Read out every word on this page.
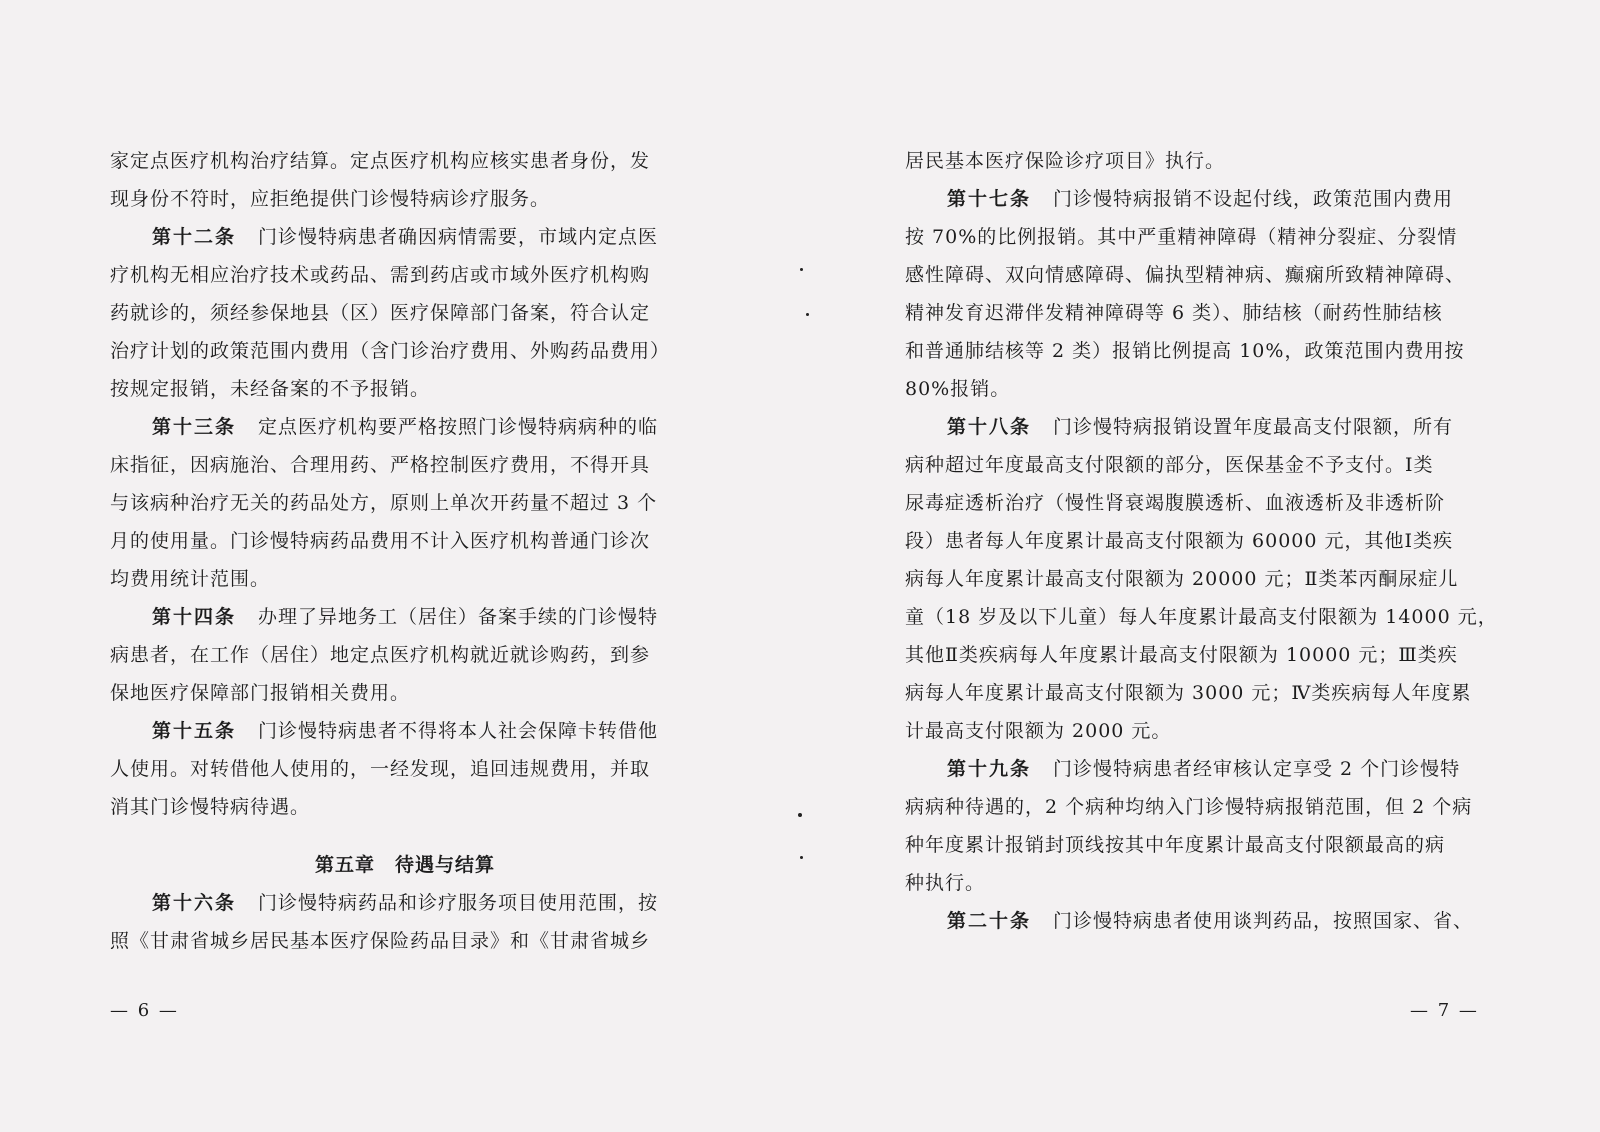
家定点医疗机构治疗结算。定点医疗机构应核实患者身份，发
现身份不符时，应拒绝提供门诊慢特病诊疗服务。
第十二条 门诊慢特病患者确因病情需要，市域内定点医
疗机构无相应治疗技术或药品、需到药店或市域外医疗机构购
药就诊的，须经参保地县（区）医疗保障部门备案，符合认定
治疗计划的政策范围内费用（含门诊治疗费用、外购药品费用）
按规定报销，未经备案的不予报销。
第十三条 定点医疗机构要严格按照门诊慢特病病种的临
床指征，因病施治、合理用药、严格控制医疗费用，不得开具
与该病种治疗无关的药品处方，原则上单次开药量不超过 3 个
月的使用量。门诊慢特病药品费用不计入医疗机构普通门诊次
均费用统计范围。
第十四条 办理了异地务工（居住）备案手续的门诊慢特
病患者，在工作（居住）地定点医疗机构就近就诊购药，到参
保地医疗保障部门报销相关费用。
第十五条 门诊慢特病患者不得将本人社会保障卡转借他
人使用。对转借他人使用的，一经发现，追回违规费用，并取
消其门诊慢特病待遇。
第五章　待遇与结算
第十六条 门诊慢特病药品和诊疗服务项目使用范围，按
照《甘肃省城乡居民基本医疗保险药品目录》和《甘肃省城乡
— 6 —
居民基本医疗保险诊疗项目》执行。
第十七条 门诊慢特病报销不设起付线，政策范围内费用
按 70%的比例报销。其中严重精神障碍（精神分裂症、分裂情
感性障碍、双向情感障碍、偏执型精神病、癫痫所致精神障碍、
精神发育迟滞伴发精神障碍等 6 类）、肺结核（耐药性肺结核
和普通肺结核等 2 类）报销比例提高 10%，政策范围内费用按
80%报销。
第十八条 门诊慢特病报销设置年度最高支付限额，所有
病种超过年度最高支付限额的部分，医保基金不予支付。Ⅰ类
尿毒症透析治疗（慢性肾衰竭腹膜透析、血液透析及非透析阶
段）患者每人年度累计最高支付限额为 60000 元，其他Ⅰ类疾
病每人年度累计最高支付限额为 20000 元；Ⅱ类苯丙酮尿症儿
童（18 岁及以下儿童）每人年度累计最高支付限额为 14000 元，
其他Ⅱ类疾病每人年度累计最高支付限额为 10000 元；Ⅲ类疾
病每人年度累计最高支付限额为 3000 元；Ⅳ类疾病每人年度累
计最高支付限额为 2000 元。
第十九条 门诊慢特病患者经审核认定享受 2 个门诊慢特
病病种待遇的，2 个病种均纳入门诊慢特病报销范围，但 2 个病
种年度累计报销封顶线按其中年度累计最高支付限额最高的病
种执行。
第二十条 门诊慢特病患者使用谈判药品，按照国家、省、
— 7 —
